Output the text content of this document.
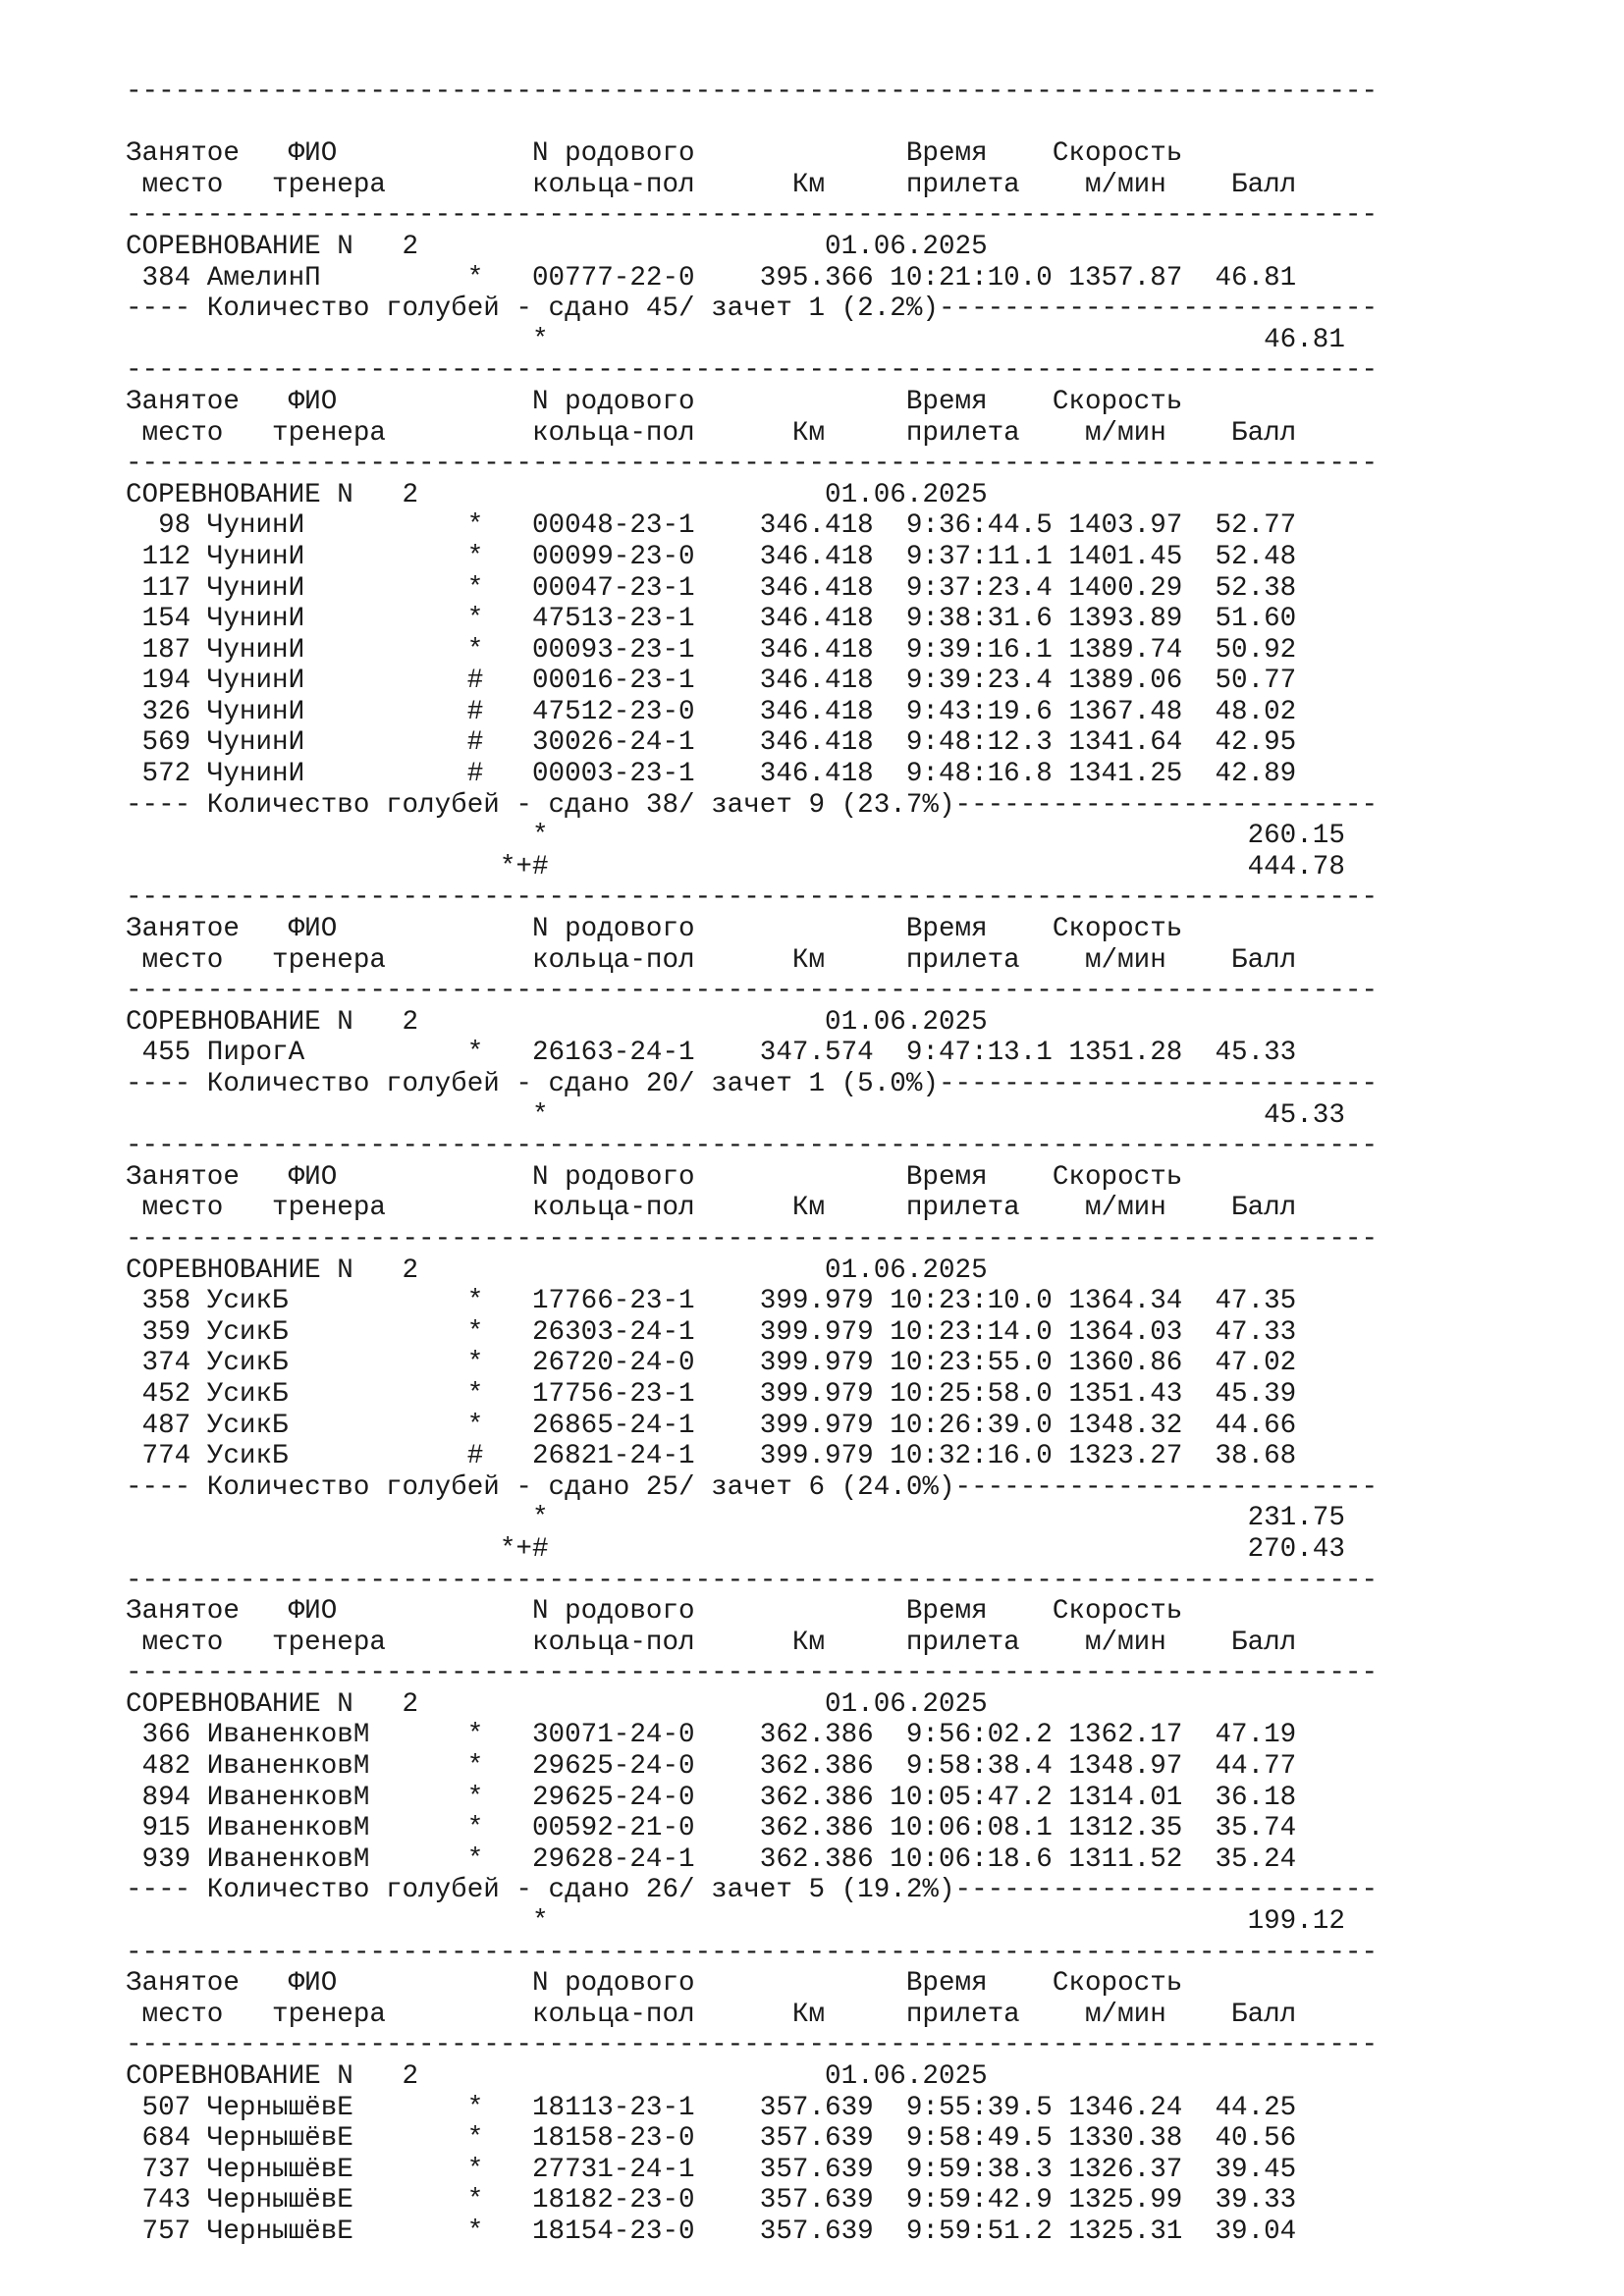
-----------------------------------------------------------------------------
Занятое   ФИО            N родового             Время    Скорость
место   тренера         кольца-пол      Км     прилета    м/мин    Балл
-----------------------------------------------------------------------------
СОРЕВНОВАНИЕ N   2                         01.06.2025
384 АмелинП         *   00777-22-0    395.366 10:21:10.0 1357.87  46.81
---- Количество голубей - сдано 45/ зачет 1 (2.2%)---------------------------
*                                            46.81
-----------------------------------------------------------------------------
Занятое   ФИО            N родового             Время    Скорость
место   тренера         кольца-пол      Км     прилета    м/мин    Балл
-----------------------------------------------------------------------------
СОРЕВНОВАНИЕ N   2                         01.06.2025
98 ЧунинИ          *   00048-23-1    346.418  9:36:44.5 1403.97  52.77
112 ЧунинИ          *   00099-23-0    346.418  9:37:11.1 1401.45  52.48
117 ЧунинИ          *   00047-23-1    346.418  9:37:23.4 1400.29  52.38
154 ЧунинИ          *   47513-23-1    346.418  9:38:31.6 1393.89  51.60
187 ЧунинИ          *   00093-23-1    346.418  9:39:16.1 1389.74  50.92
194 ЧунинИ          #   00016-23-1    346.418  9:39:23.4 1389.06  50.77
326 ЧунинИ          #   47512-23-0    346.418  9:43:19.6 1367.48  48.02
569 ЧунинИ          #   30026-24-1    346.418  9:48:12.3 1341.64  42.95
572 ЧунинИ          #   00003-23-1    346.418  9:48:16.8 1341.25  42.89
---- Количество голубей - сдано 38/ зачет 9 (23.7%)--------------------------
*                                           260.15
*+#                                           444.78
-----------------------------------------------------------------------------
Занятое   ФИО            N родового             Время    Скорость
место   тренера         кольца-пол      Км     прилета    м/мин    Балл
-----------------------------------------------------------------------------
СОРЕВНОВАНИЕ N   2                         01.06.2025
455 ПирогА          *   26163-24-1    347.574  9:47:13.1 1351.28  45.33
---- Количество голубей - сдано 20/ зачет 1 (5.0%)---------------------------
*                                            45.33
-----------------------------------------------------------------------------
Занятое   ФИО            N родового             Время    Скорость
место   тренера         кольца-пол      Км     прилета    м/мин    Балл
-----------------------------------------------------------------------------
СОРЕВНОВАНИЕ N   2                         01.06.2025
358 УсикБ           *   17766-23-1    399.979 10:23:10.0 1364.34  47.35
359 УсикБ           *   26303-24-1    399.979 10:23:14.0 1364.03  47.33
374 УсикБ           *   26720-24-0    399.979 10:23:55.0 1360.86  47.02
452 УсикБ           *   17756-23-1    399.979 10:25:58.0 1351.43  45.39
487 УсикБ           *   26865-24-1    399.979 10:26:39.0 1348.32  44.66
774 УсикБ           #   26821-24-1    399.979 10:32:16.0 1323.27  38.68
---- Количество голубей - сдано 25/ зачет 6 (24.0%)--------------------------
*                                           231.75
*+#                                           270.43
-----------------------------------------------------------------------------
Занятое   ФИО            N родового             Время    Скорость
место   тренера         кольца-пол      Км     прилета    м/мин    Балл
-----------------------------------------------------------------------------
СОРЕВНОВАНИЕ N   2                         01.06.2025
366 ИваненковМ      *   30071-24-0    362.386  9:56:02.2 1362.17  47.19
482 ИваненковМ      *   29625-24-0    362.386  9:58:38.4 1348.97  44.77
894 ИваненковМ      *   29625-24-0    362.386 10:05:47.2 1314.01  36.18
915 ИваненковМ      *   00592-21-0    362.386 10:06:08.1 1312.35  35.74
939 ИваненковМ      *   29628-24-1    362.386 10:06:18.6 1311.52  35.24
---- Количество голубей - сдано 26/ зачет 5 (19.2%)--------------------------
*                                           199.12
-----------------------------------------------------------------------------
Занятое   ФИО            N родового             Время    Скорость
место   тренера         кольца-пол      Км     прилета    м/мин    Балл
-----------------------------------------------------------------------------
СОРЕВНОВАНИЕ N   2                         01.06.2025
507 ЧернышёвЕ       *   18113-23-1    357.639  9:55:39.5 1346.24  44.25
684 ЧернышёвЕ       *   18158-23-0    357.639  9:58:49.5 1330.38  40.56
737 ЧернышёвЕ       *   27731-24-1    357.639  9:59:38.3 1326.37  39.45
743 ЧернышёвЕ       *   18182-23-0    357.639  9:59:42.9 1325.99  39.33
757 ЧернышёвЕ       *   18154-23-0    357.639  9:59:51.2 1325.31  39.04
